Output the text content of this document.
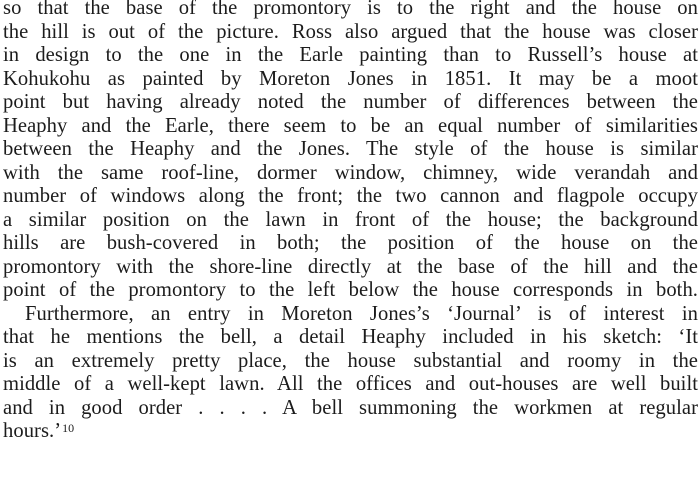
so that the base of the promontory is to the right and the house on
the hill is out of the picture. Ross also argued that the house was closer
in design to the one in the Earle painting than to Russell’s house at
Kohukohu as painted by Moreton Jones in 1851. It may be a moot
point but having already noted the number of differences between the
Heaphy and the Earle, there seem to be an equal number of similarities
between the Heaphy and the Jones. The style of the house is similar
with the same roof-line, dormer window, chimney, wide verandah and
number of windows along the front; the two cannon and flagpole occupy
a similar position on the lawn in front of the house; the background
hills are bush-covered in both; the position of the house on the
promontory with the shore-line directly at the base of the hill and the
point of the promontory to the left below the house corresponds in both.
Furthermore, an entry in Moreton Jones’s ‘Journal’ is of interest in
that he mentions the bell, a detail Heaphy included in his sketch: ‘It
is an extremely pretty place, the house substantial and roomy in the
middle of a well-kept lawn. All the offices and out-houses are well built
and in good order . . . . A bell summoning the workmen at regular
hours.’$^{10}$
